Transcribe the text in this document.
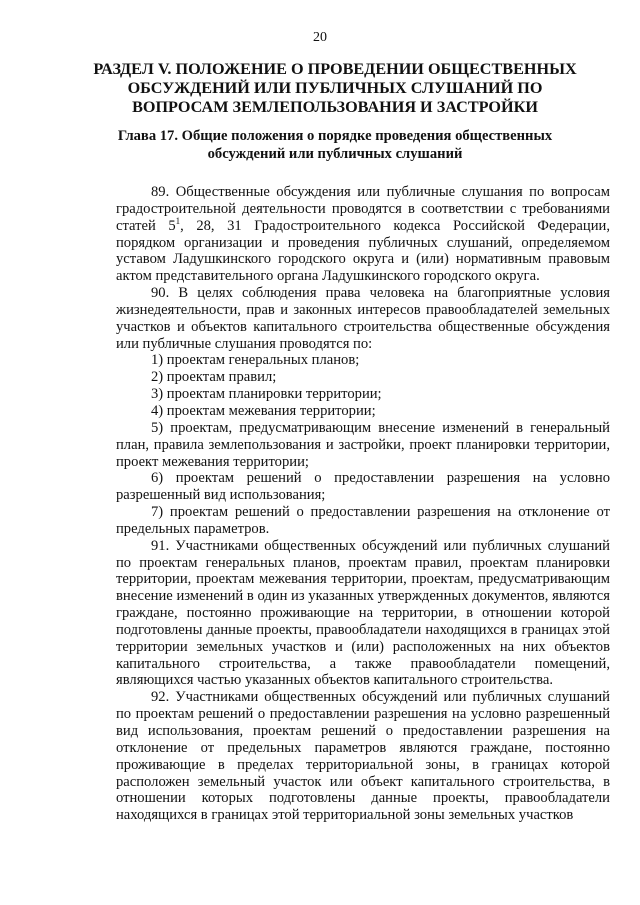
20
РАЗДЕЛ V. ПОЛОЖЕНИЕ О ПРОВЕДЕНИИ ОБЩЕСТВЕННЫХ ОБСУЖДЕНИЙ ИЛИ ПУБЛИЧНЫХ СЛУШАНИЙ ПО ВОПРОСАМ ЗЕМЛЕПОЛЬЗОВАНИЯ И ЗАСТРОЙКИ
Глава 17. Общие положения о порядке проведения общественных обсуждений или публичных слушаний
89. Общественные обсуждения или публичные слушания по вопросам градостроительной деятельности проводятся в соответствии с требованиями статей $5^1$, 28, 31 Градостроительного кодекса Российской Федерации, порядком организации и проведения публичных слушаний, определяемом уставом Ладушкинского городского округа и (или) нормативным правовым актом представительного органа Ладушкинского городского округа.
90. В целях соблюдения права человека на благоприятные условия жизнедеятельности, прав и законных интересов правообладателей земельных участков и объектов капитального строительства общественные обсуждения или публичные слушания проводятся по:
1) проектам генеральных планов;
2) проектам правил;
3) проектам планировки территории;
4) проектам межевания территории;
5) проектам, предусматривающим внесение изменений в генеральный план, правила землепользования и застройки, проект планировки территории, проект межевания территории;
6) проектам решений о предоставлении разрешения на условно разрешенный вид использования;
7) проектам решений о предоставлении разрешения на отклонение от предельных параметров.
91. Участниками общественных обсуждений или публичных слушаний по проектам генеральных планов, проектам правил, проектам планировки территории, проектам межевания территории, проектам, предусматривающим внесение изменений в один из указанных утвержденных документов, являются граждане, постоянно проживающие на территории, в отношении которой подготовлены данные проекты, правообладатели находящихся в границах этой территории земельных участков и (или) расположенных на них объектов капитального строительства, а также правообладатели помещений, являющихся частью указанных объектов капитального строительства.
92. Участниками общественных обсуждений или публичных слушаний по проектам решений о предоставлении разрешения на условно разрешенный вид использования, проектам решений о предоставлении разрешения на отклонение от предельных параметров являются граждане, постоянно проживающие в пределах территориальной зоны, в границах которой расположен земельный участок или объект капитального строительства, в отношении которых подготовлены данные проекты, правообладатели находящихся в границах этой территориальной зоны земельных участков
